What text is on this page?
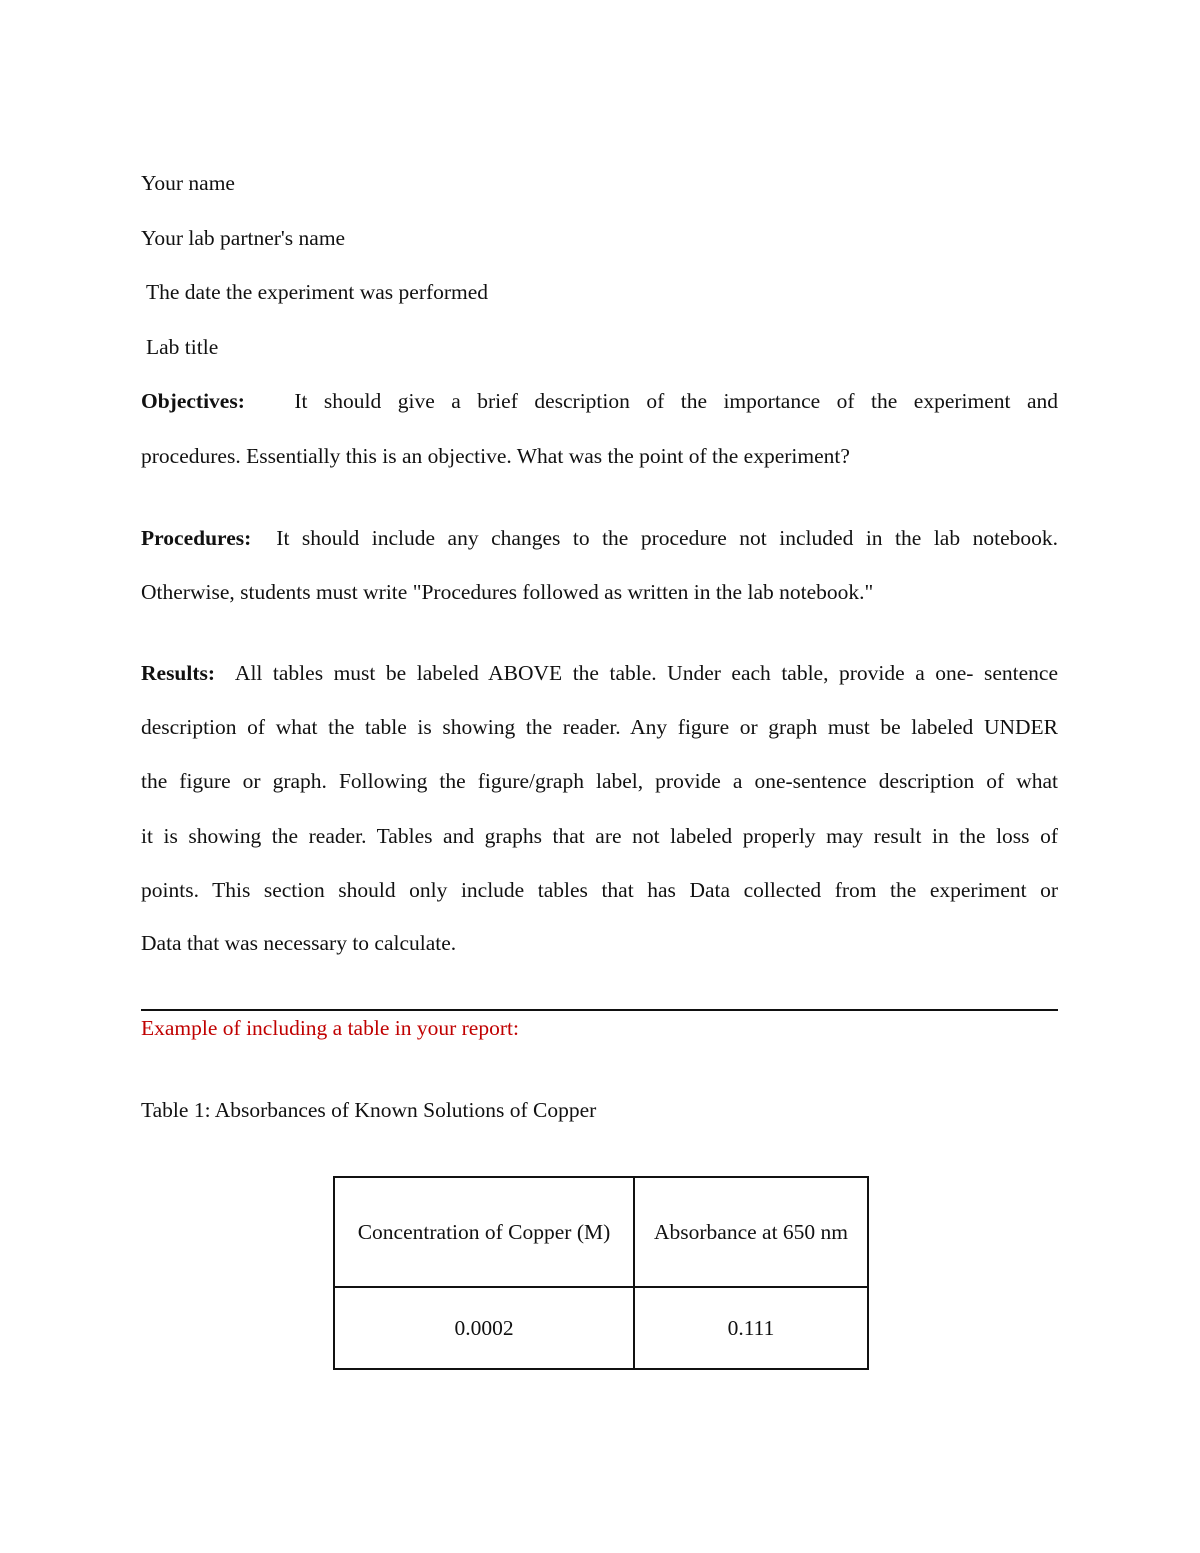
Your name
Your lab partner's name
The date the experiment was performed
Lab title
Objectives: It should give a brief description of the importance of the experiment and
procedures. Essentially this is an objective. What was the point of the experiment?
Procedures: It should include any changes to the procedure not included in the lab notebook.
Otherwise, students must write "Procedures followed as written in the lab notebook."
Results: All tables must be labeled ABOVE the table. Under each table, provide a one- sentence
description of what the table is showing the reader. Any figure or graph must be labeled UNDER
the figure or graph. Following the figure/graph label, provide a one-sentence description of what
it is showing the reader. Tables and graphs that are not labeled properly may result in the loss of
points. This section should only include tables that has Data collected from the experiment or
Data that was necessary to calculate.
Example of including a table in your report:
Table 1: Absorbances of Known Solutions of Copper
Concentration of Copper (M)	Absorbance at 650 nm
0.0002	0.111
